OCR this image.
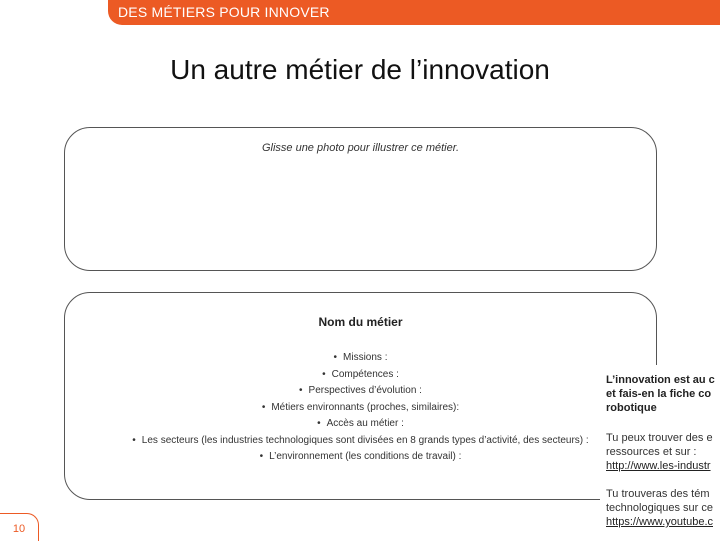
DES MÉTIERS POUR INNOVER
Un autre métier de l’innovation
Glisse une photo pour illustrer ce métier.
Nom du métier
• Missions :
• Compétences :
• Perspectives d’évolution :
• Métiers environnants (proches, similaires):
• Accès au métier :
• Les secteurs (les industries technologiques sont divisées en 8 grands types d’activité, des secteurs) :
• L’environnement (les conditions de travail) :
L’innovation est au c
et fais-en la fiche co
robotique
Tu peux trouver des e
ressources et sur :
http://www.les-industr
Tu trouveras des tém
technologiques sur ce
https://www.youtube.c
10
